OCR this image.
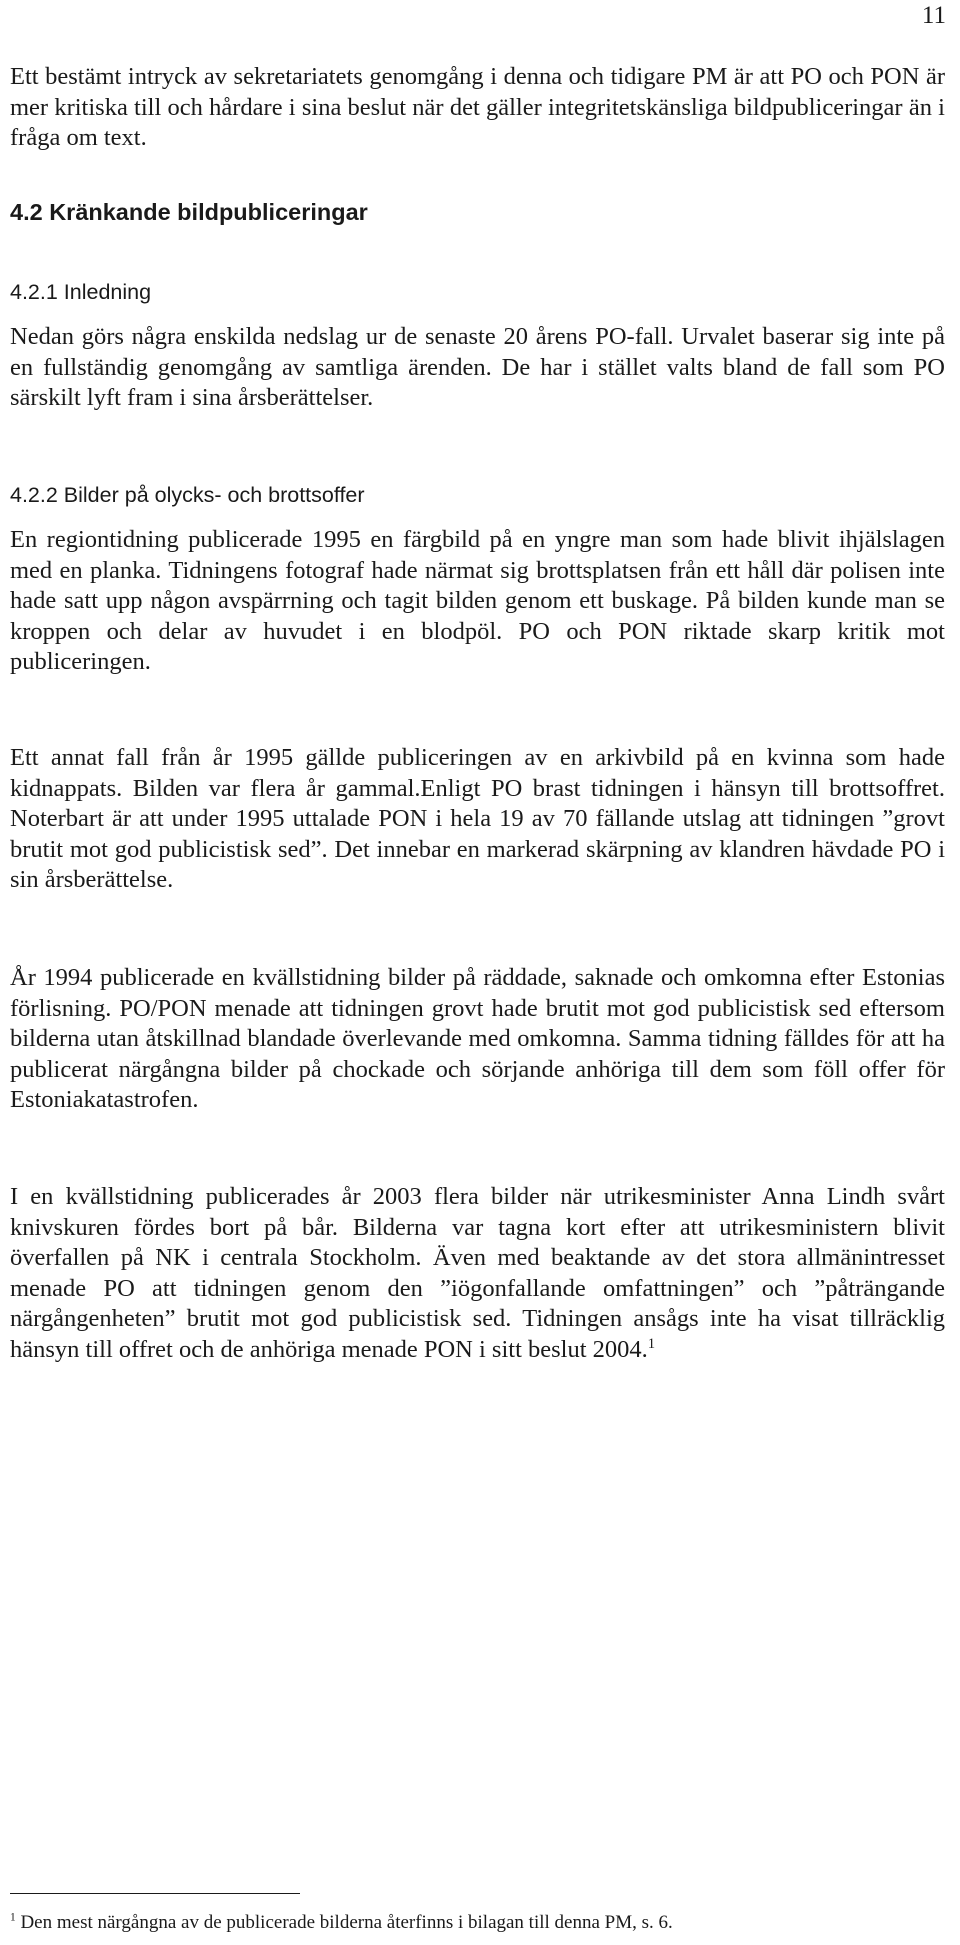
11

Ett bestämt intryck av sekretariatets genomgång i denna och tidigare PM är att PO och PON är mer kritiska till och hårdare i sina beslut när det gäller integritetskänsliga bildpubliceringar än i fråga om text.

4.2 Kränkande bildpubliceringar
4.2.1 Inledning

Nedan görs några enskilda nedslag ur de senaste 20 årens PO-fall. Urvalet baserar sig inte på en fullständig genomgång av samtliga ärenden. De har i stället valts bland de fall som PO särskilt lyft fram i sina årsberättelser.

4.2.2 Bilder på olycks- och brottsoffer

En regiontidning publicerade 1995 en färgbild på en yngre man som hade blivit ihjälslagen med en planka. Tidningens fotograf hade närmat sig brottsplatsen från ett håll där polisen inte hade satt upp någon avspärrning och tagit bilden genom ett buskage. På bilden kunde man se kroppen och delar av huvudet i en blodpöl. PO och PON riktade skarp kritik mot publiceringen.

Ett annat fall från år 1995 gällde publiceringen av en arkivbild på en kvinna som hade kidnappats. Bilden var flera år gammal.Enligt PO brast tidningen i hänsyn till brottsoffret. Noterbart är att under 1995 uttalade PON i hela 19 av 70 fällande utslag att tidningen ”grovt brutit mot god publicistisk sed”. Det innebar en markerad skärpning av klandren hävdade PO i sin årsberättelse.

År 1994 publicerade en kvällstidning bilder på räddade, saknade och omkomna efter Estonias förlisning. PO/PON menade att tidningen grovt hade brutit mot god publicistisk sed eftersom bilderna utan åtskillnad blandade överlevande med omkomna. Samma tidning fälldes för att ha publicerat närgångna bilder på chockade och sörjande anhöriga till dem som föll offer för Estoniakatastrofen.

I en kvällstidning publicerades år 2003 flera bilder när utrikesminister Anna Lindh svårt knivskuren fördes bort på bår. Bilderna var tagna kort efter att utrikesministern blivit överfallen på NK i centrala Stockholm. Även med beaktande av det stora allmänintresset menade PO att tidningen genom den ”iögonfallande omfattningen” och ”påträngande närgångenheten” brutit mot god publicistisk sed. Tidningen ansågs inte ha visat tillräcklig hänsyn till offret och de anhöriga menade PON i sitt beslut 2004.$^1$

$^1$ Den mest närgångna av de publicerade bilderna återfinns i bilagan till denna PM, s. 6.
